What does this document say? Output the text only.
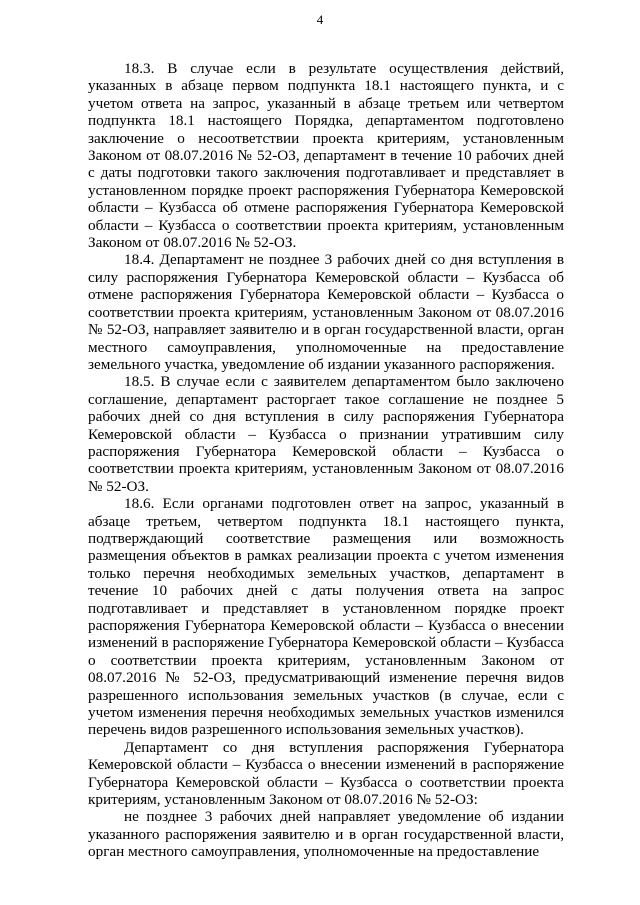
4

18.3. В случае если в результате осуществления действий, указанных в абзаце первом подпункта 18.1 настоящего пункта, и с учетом ответа на запрос, указанный в абзаце третьем или четвертом подпункта 18.1 настоящего Порядка, департаментом подготовлено заключение о несоответствии проекта критериям, установленным Законом от 08.07.2016 № 52-ОЗ, департамент в течение 10 рабочих дней с даты подготовки такого заключения подготавливает и представляет в установленном порядке проект распоряжения Губернатора Кемеровской области – Кузбасса об отмене распоряжения Губернатора Кемеровской области – Кузбасса о соответствии проекта критериям, установленным Законом от 08.07.2016 № 52-ОЗ.

18.4. Департамент не позднее 3 рабочих дней со дня вступления в силу распоряжения Губернатора Кемеровской области – Кузбасса об отмене распоряжения Губернатора Кемеровской области – Кузбасса о соответствии проекта критериям, установленным Законом от 08.07.2016 № 52-ОЗ, направляет заявителю и в орган государственной власти, орган местного самоуправления, уполномоченные на предоставление земельного участка, уведомление об издании указанного распоряжения.

18.5. В случае если с заявителем департаментом было заключено соглашение, департамент расторгает такое соглашение не позднее 5 рабочих дней со дня вступления в силу распоряжения Губернатора Кемеровской области – Кузбасса о признании утратившим силу распоряжения Губернатора Кемеровской области – Кузбасса о соответствии проекта критериям, установленным Законом от 08.07.2016 № 52-ОЗ.

18.6. Если органами подготовлен ответ на запрос, указанный в абзаце третьем, четвертом подпункта 18.1 настоящего пункта, подтверждающий соответствие размещения или возможность размещения объектов в рамках реализации проекта с учетом изменения только перечня необходимых земельных участков, департамент в течение 10 рабочих дней с даты получения ответа на запрос подготавливает и представляет в установленном порядке проект распоряжения Губернатора Кемеровской области – Кузбасса о внесении изменений в распоряжение Губернатора Кемеровской области – Кузбасса о соответствии проекта критериям, установленным Законом от 08.07.2016 № 52-ОЗ, предусматривающий изменение перечня видов разрешенного использования земельных участков (в случае, если с учетом изменения перечня необходимых земельных участков изменился перечень видов разрешенного использования земельных участков).

Департамент со дня вступления распоряжения Губернатора Кемеровской области – Кузбасса о внесении изменений в распоряжение Губернатора Кемеровской области – Кузбасса о соответствии проекта критериям, установленным Законом от 08.07.2016 № 52-ОЗ:

не позднее 3 рабочих дней направляет уведомление об издании указанного распоряжения заявителю и в орган государственной власти, орган местного самоуправления, уполномоченные на предоставление
